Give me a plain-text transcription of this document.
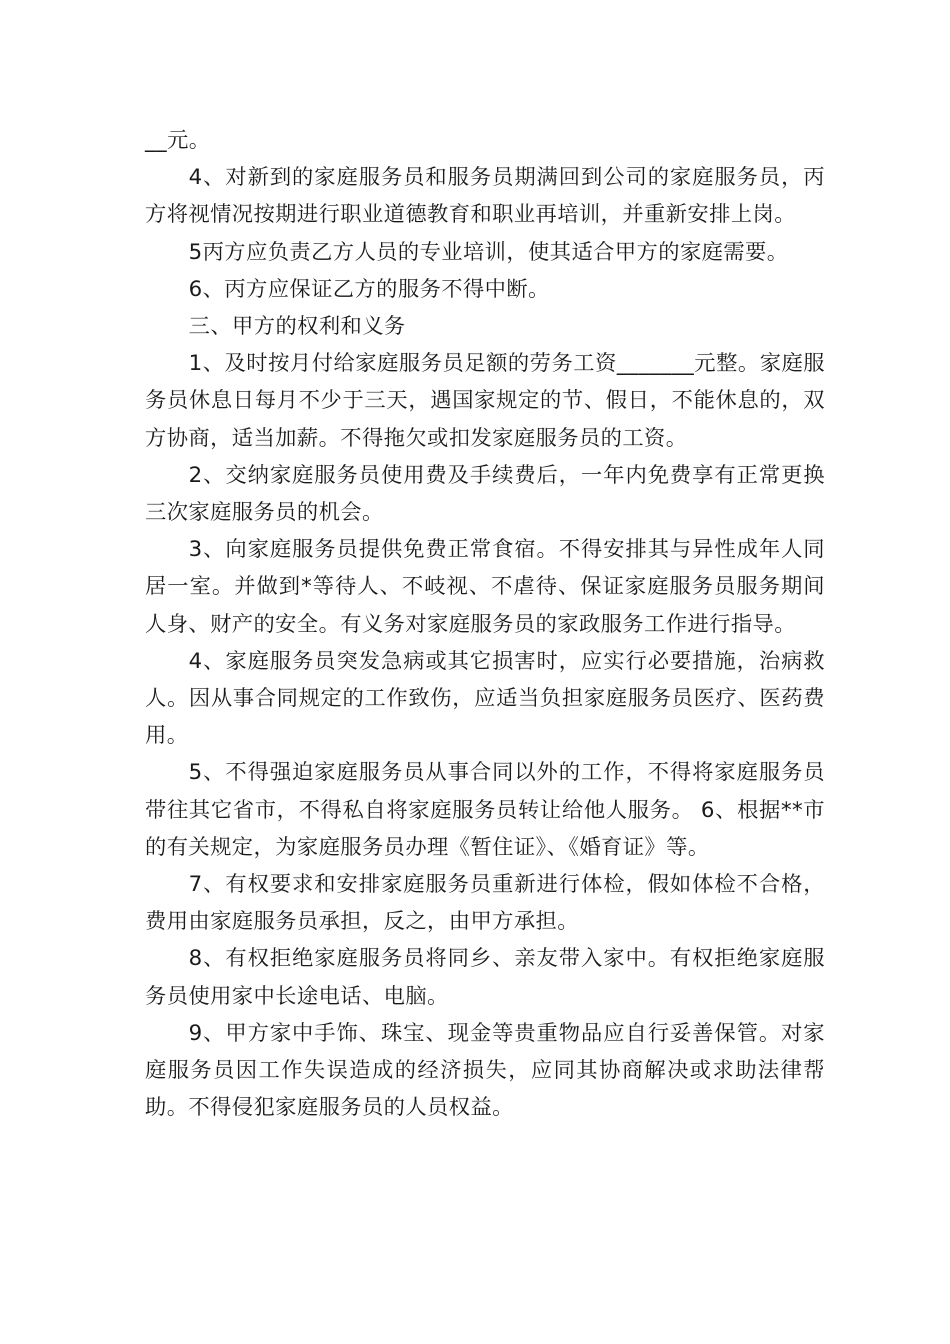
__元。

4、对新到的家庭服务员和服务员期满回到公司的家庭服务员，丙方将视情况按期进行职业道德教育和职业再培训，并重新安排上岗。

5丙方应负责乙方人员的专业培训，使其适合甲方的家庭需要。

6、丙方应保证乙方的服务不得中断。

三、甲方的权利和义务

1、及时按月付给家庭服务员足额的劳务工资_______元整。家庭服务员休息日每月不少于三天，遇国家规定的节、假日，不能休息的，双方协商，适当加薪。不得拖欠或扣发家庭服务员的工资。

2、交纳家庭服务员使用费及手续费后，一年内免费享有正常更换三次家庭服务员的机会。

3、向家庭服务员提供免费正常食宿。不得安排其与异性成年人同居一室。并做到*等待人、不岐视、不虐待、保证家庭服务员服务期间人身、财产的安全。有义务对家庭服务员的家政服务工作进行指导。

4、家庭服务员突发急病或其它损害时，应实行必要措施，治病救人。因从事合同规定的工作致伤，应适当负担家庭服务员医疗、医药费用。

5、不得强迫家庭服务员从事合同以外的工作，不得将家庭服务员带往其它省市，不得私自将家庭服务员转让给他人服务。 6、根据**市的有关规定，为家庭服务员办理《暂住证》、《婚育证》等。

7、有权要求和安排家庭服务员重新进行体检，假如体检不合格，费用由家庭服务员承担，反之，由甲方承担。

8、有权拒绝家庭服务员将同乡、亲友带入家中。有权拒绝家庭服务员使用家中长途电话、电脑。

9、甲方家中手饰、珠宝、现金等贵重物品应自行妥善保管。对家庭服务员因工作失误造成的经济损失，应同其协商解决或求助法律帮助。不得侵犯家庭服务员的人员权益。
